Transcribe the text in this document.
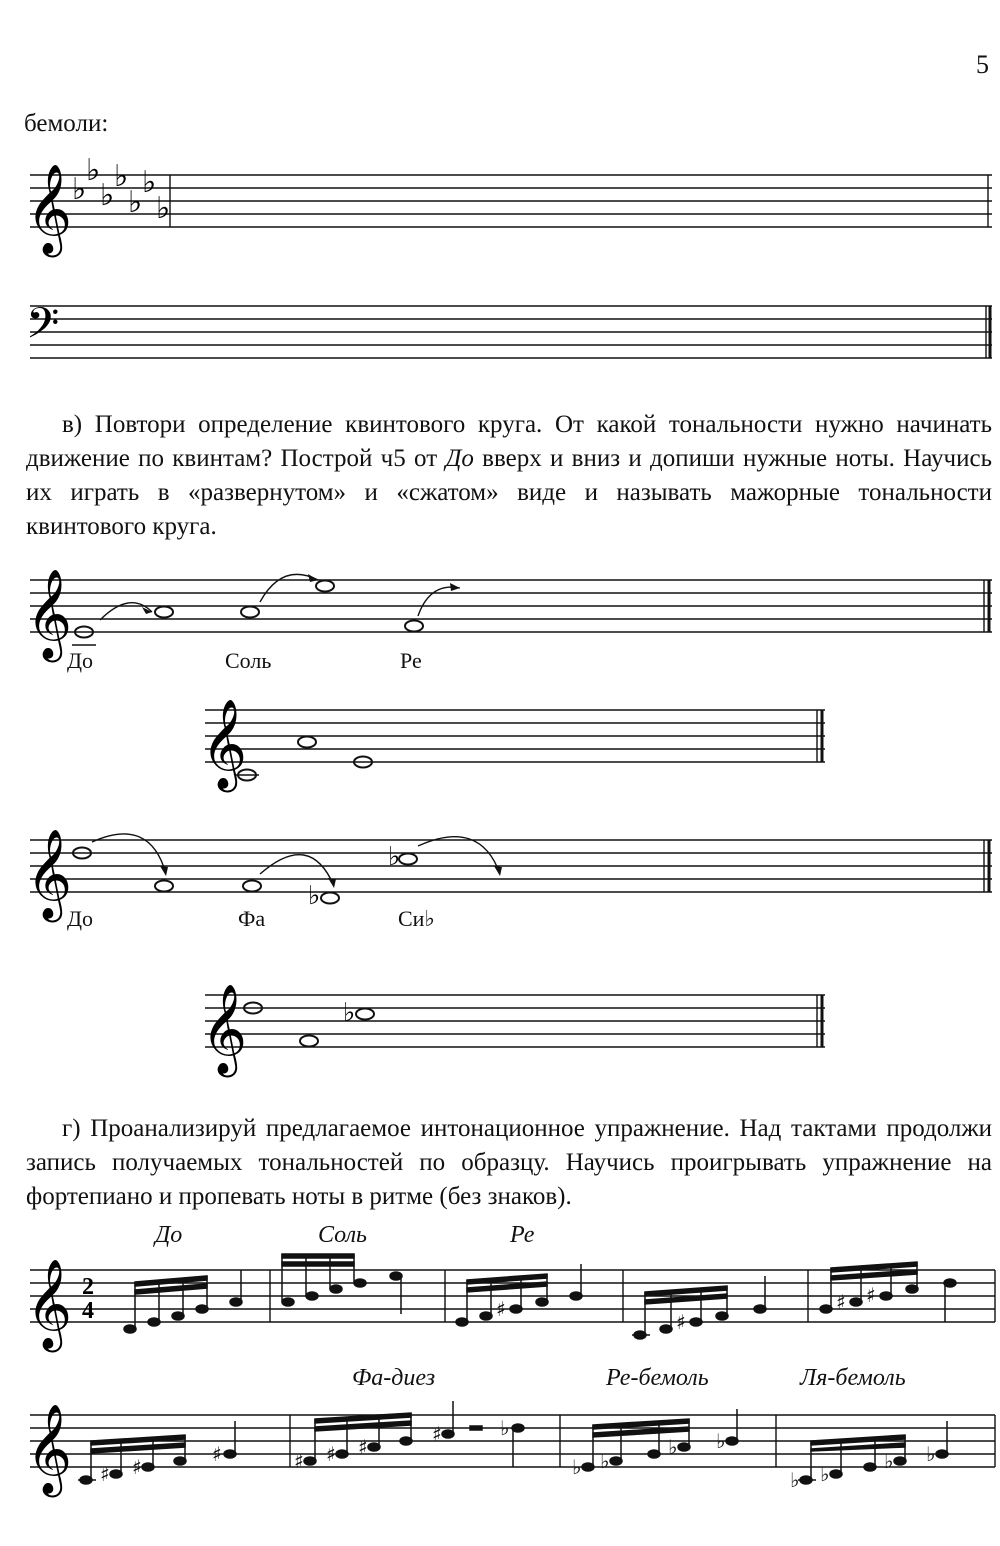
5
бемоли:
𝄞 ♭
♭
♭
♭
♭
♭
♭
𝄢

в) Повтори определение квинтового круга. От какой тональности нужно начинать движение по квинтам? Построй ч5 от До вверх и вниз и допиши нужные ноты. Научись их играть в «развернутом» и «сжатом» виде и называть мажорные тональности квинтового круга.

𝄞
До	Соль	Ре
𝄞
𝄞	♭
♭
До	Фа	Си♭
𝄞	♭

г) Проанализируй предлагаемое интонационное упражнение. Над тактами продолжи запись получаемых тональностей по образцу. Научись проигрывать упражнение на фортепиано и пропевать ноты в ритме (без знаков).

До	Соль	Ре
𝄞 2
4	♯
♯
♯ ♯
Фа-диез	Ре-бемоль	Ля-бемоль
𝄞 ♯ ♯
♯	♯ ♯ ♯
♯	♭
♭ ♭
♭ ♭
♭ ♭
♭ ♭
